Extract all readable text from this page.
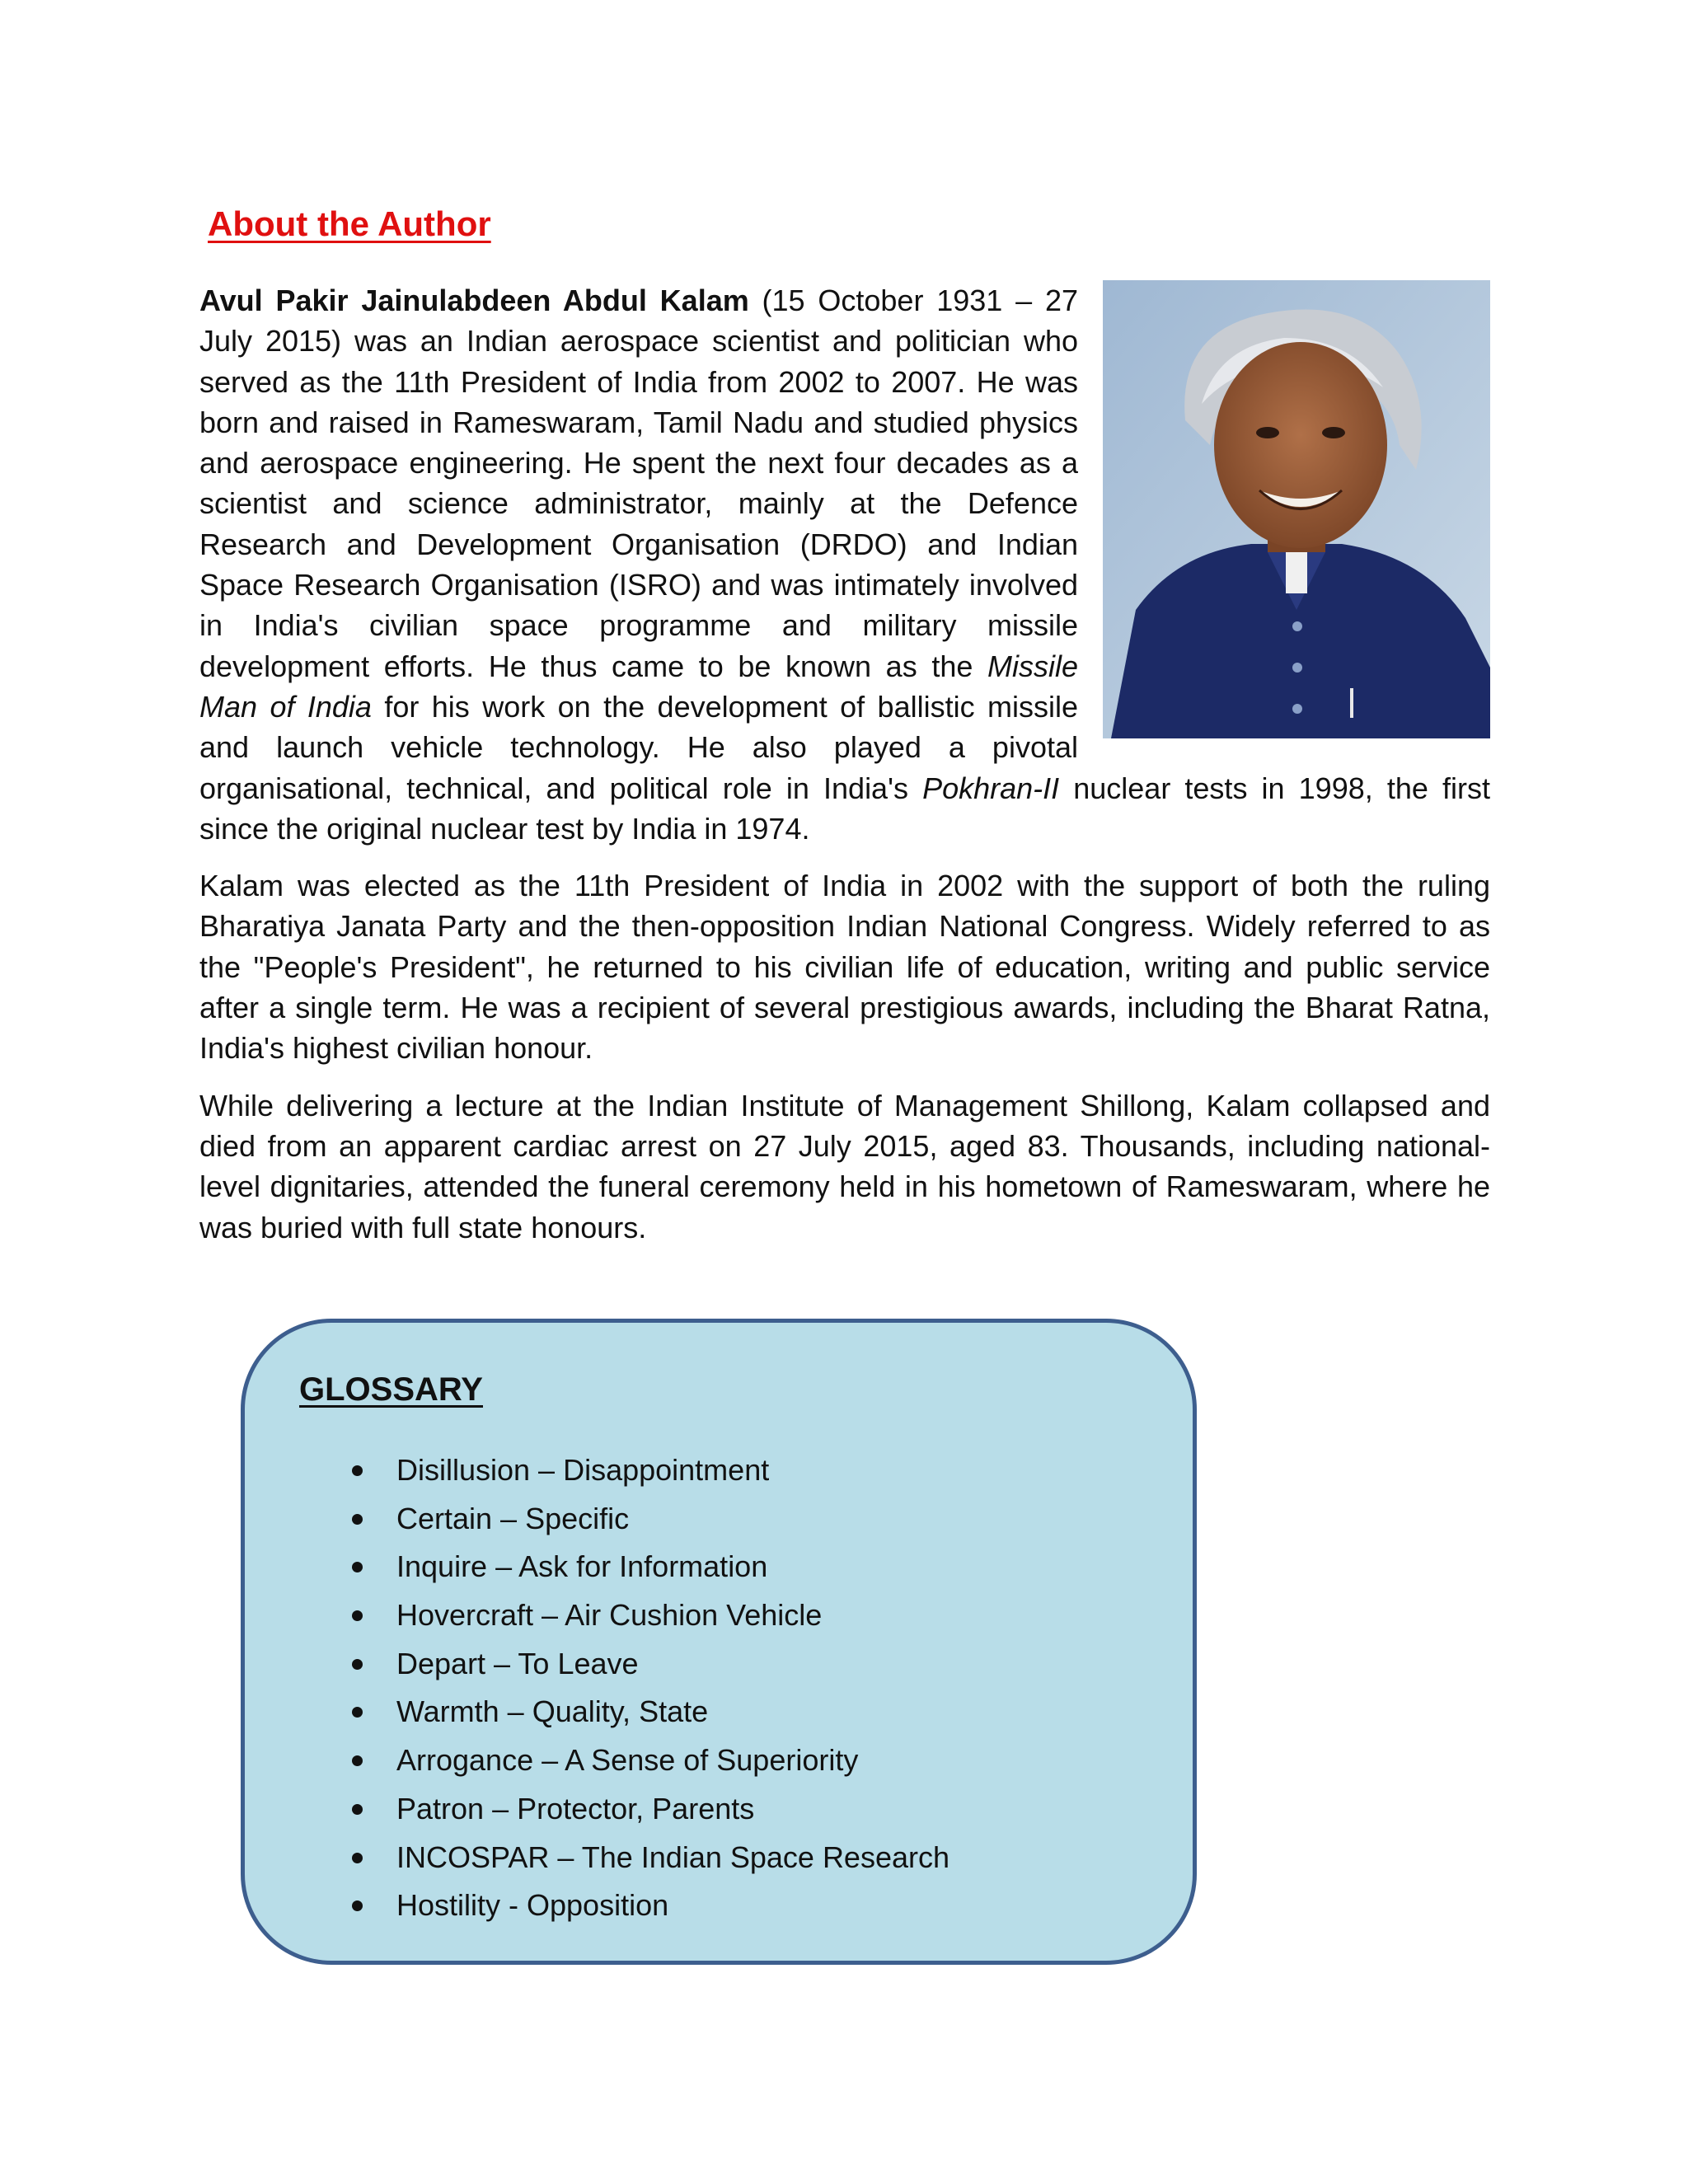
About the Author

Avul Pakir Jainulabdeen Abdul Kalam (15 October 1931 – 27 July 2015) was an Indian aerospace scientist and politician who served as the 11th President of India from 2002 to 2007. He was born and raised in Rameswaram, Tamil Nadu and studied physics and aerospace engineering. He spent the next four decades as a scientist and science administrator, mainly at the Defence Research and Development Organisation (DRDO) and Indian Space Research Organisation (ISRO) and was intimately involved in India's civilian space programme and military missile development efforts. He thus came to be known as the Missile Man of India for his work on the development of ballistic missile and launch vehicle technology. He also played a pivotal organisational, technical, and political role in India's Pokhran-II nuclear tests in 1998, the first since the original nuclear test by India in 1974.

Kalam was elected as the 11th President of India in 2002 with the support of both the ruling Bharatiya Janata Party and the then-opposition Indian National Congress. Widely referred to as the "People's President", he returned to his civilian life of education, writing and public service after a single term. He was a recipient of several prestigious awards, including the Bharat Ratna, India's highest civilian honour.

While delivering a lecture at the Indian Institute of Management Shillong, Kalam collapsed and died from an apparent cardiac arrest on 27 July 2015, aged 83. Thousands, including national-level dignitaries, attended the funeral ceremony held in his hometown of Rameswaram, where he was buried with full state honours.

GLOSSARY
Disillusion – Disappointment
Certain – Specific
Inquire – Ask for Information
Hovercraft – Air Cushion Vehicle
Depart – To Leave
Warmth – Quality, State
Arrogance – A Sense of Superiority
Patron – Protector, Parents
INCOSPAR – The Indian Space Research
Hostility - Opposition
